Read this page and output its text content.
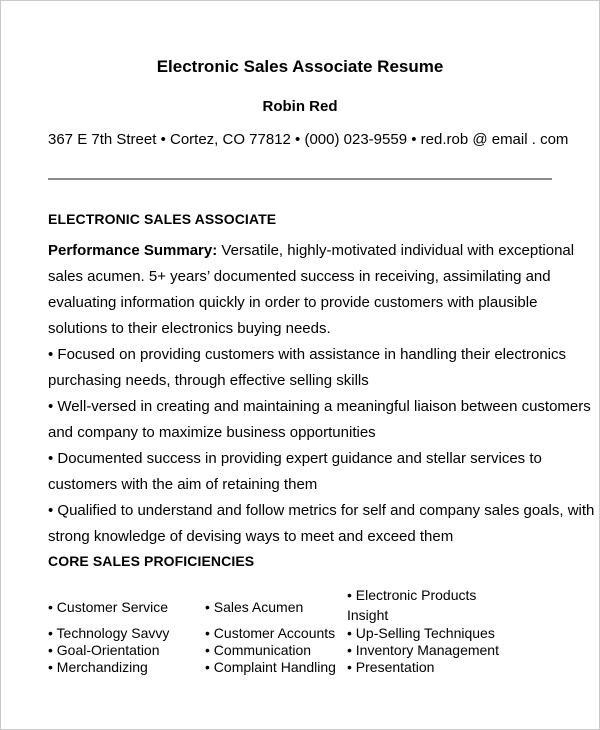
Electronic Sales Associate Resume
Robin Red
367 E 7th Street • Cortez, CO 77812 • (000) 023-9559 • red.rob @ email . com
ELECTRONIC SALES ASSOCIATE
Performance Summary: Versatile, highly-motivated individual with exceptional
sales acumen. 5+ years’ documented success in receiving, assimilating and
evaluating information quickly in order to provide customers with plausible
solutions to their electronics buying needs.
• Focused on providing customers with assistance in handling their electronics
purchasing needs, through effective selling skills
• Well-versed in creating and maintaining a meaningful liaison between customers
and company to maximize business opportunities
• Documented success in providing expert guidance and stellar services to
customers with the aim of retaining them
• Qualified to understand and follow metrics for self and company sales goals, with
strong knowledge of devising ways to meet and exceed them
CORE SALES PROFICIENCIES
• Customer Service
• Technology Savvy
• Goal-Orientation
• Merchandizing
• Sales Acumen
• Customer Accounts
• Communication
• Complaint Handling
• Electronic Products Insight
• Up-Selling Techniques
• Inventory Management
• Presentation
